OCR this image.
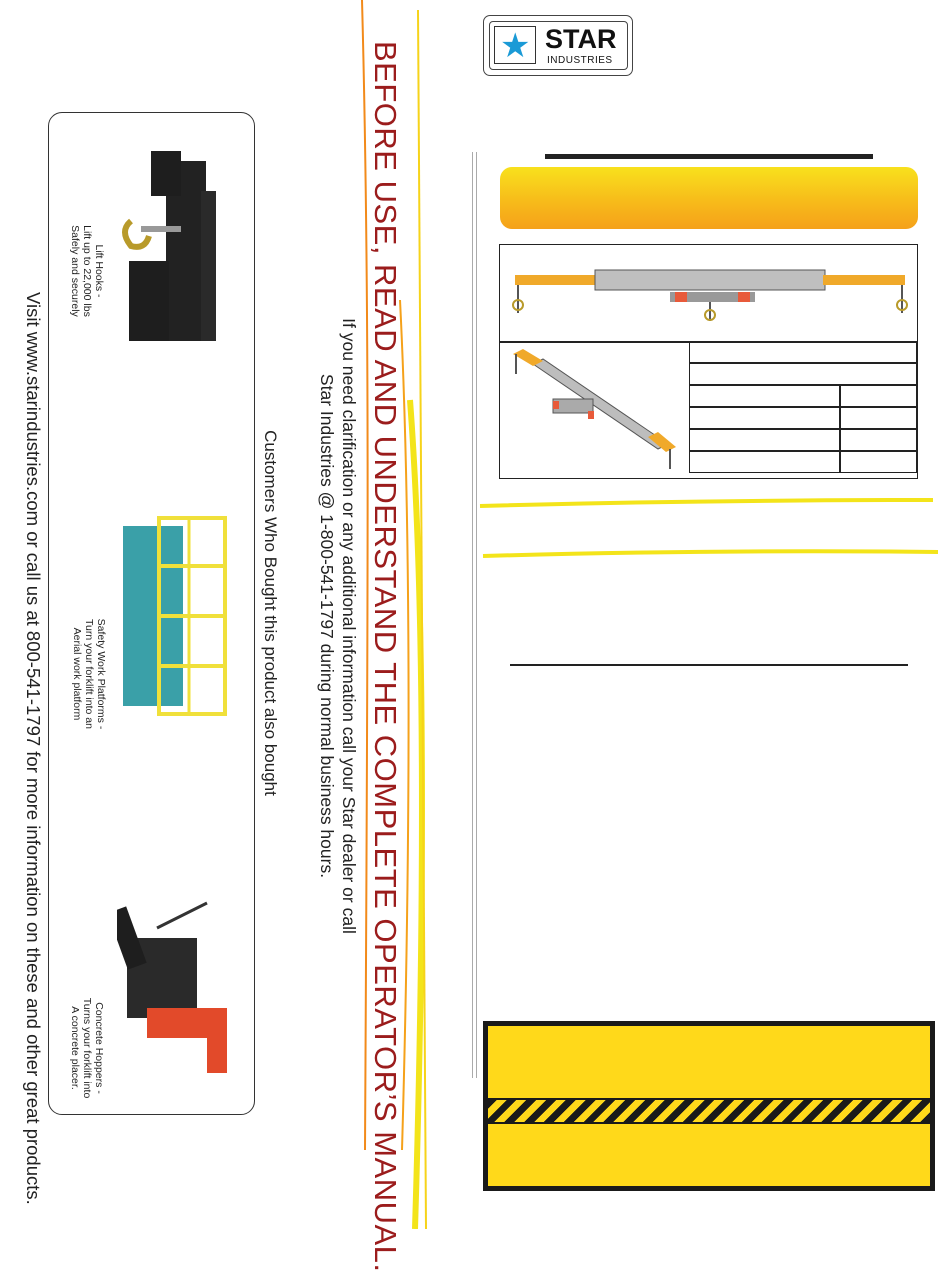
Visit www.starindustries.com or call us at 800-541-1797 for more information on these and other great products.
Lift Hooks -
Lift up to 22,000 lbs
Safely and securely
Safety Work Platforms -
Turn your forklift into an
Aerial work platform
Concrete Hoppers -
Turns your forklift into
A concrete placer.
Customers Who Bought this product also bought	If you need clarification or any additional information call your Star dealer or call
Star Industries @ 1-800-541-1797 during normal business hours. BEFORE USE, READ AND UNDERSTAND THE COMPLETE OPERATOR’S MANUAL.	★ STAR
INDUSTRIES
